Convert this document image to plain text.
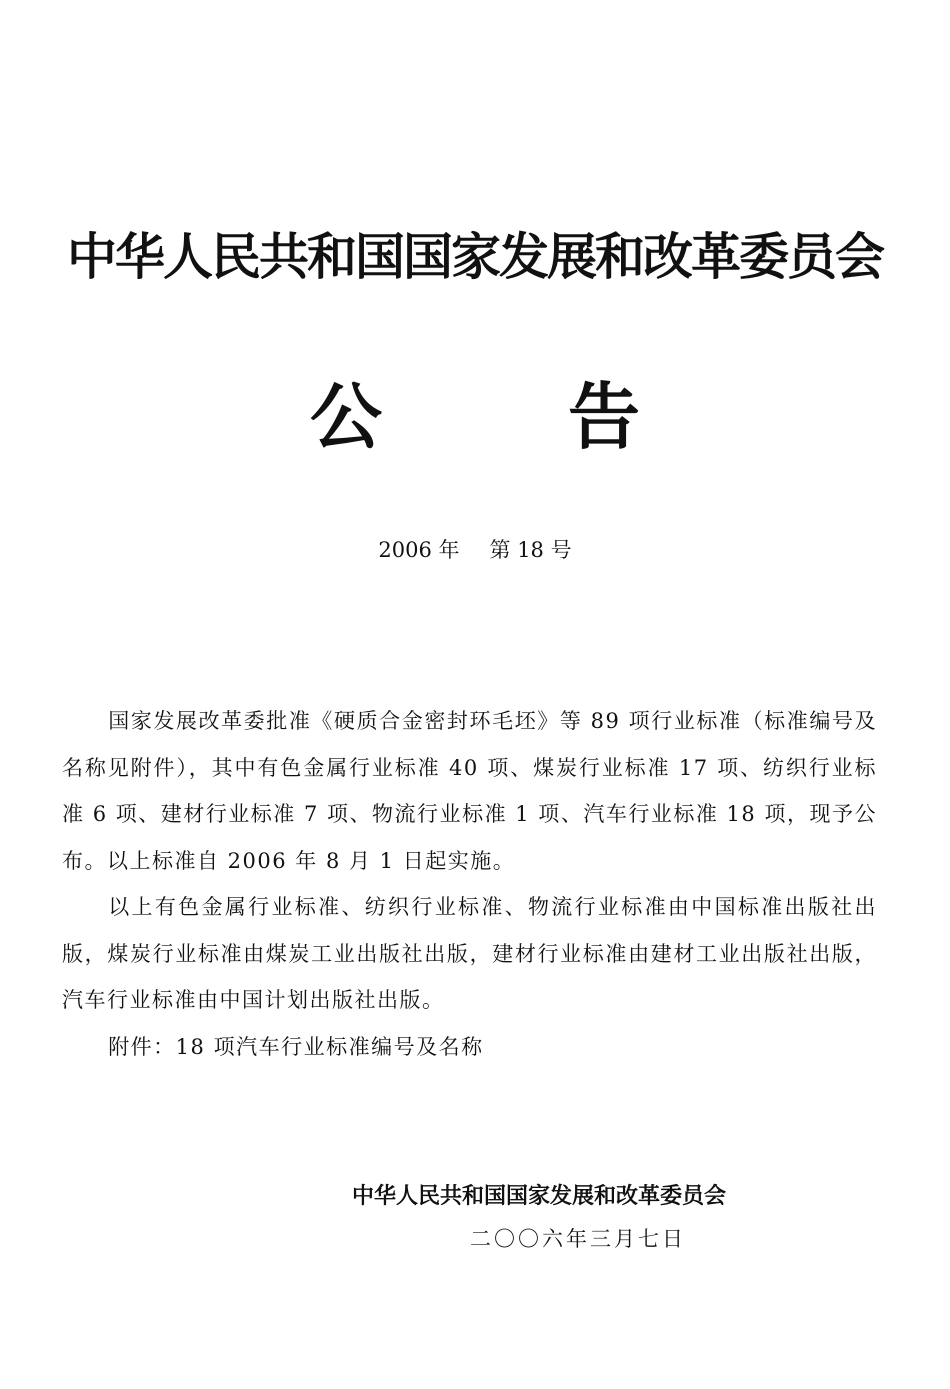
中华人民共和国国家发展和改革委员会
公	告
2006 年 第 18 号

国家发展改革委批准《硬质合金密封环毛坯》等 89 项行业标准（标准编号及名称见附件），其中有色金属行业标准 40 项、煤炭行业标准 17 项、纺织行业标准 6 项、建材行业标准 7 项、物流行业标准 1 项、汽车行业标准 18 项，现予公布。以上标准自 2006 年 8 月 1 日起实施。

以上有色金属行业标准、纺织行业标准、物流行业标准由中国标准出版社出版，煤炭行业标准由煤炭工业出版社出版，建材行业标准由建材工业出版社出版，汽车行业标准由中国计划出版社出版。

附件：18 项汽车行业标准编号及名称

中华人民共和国国家发展和改革委员会
二〇〇六年三月七日
